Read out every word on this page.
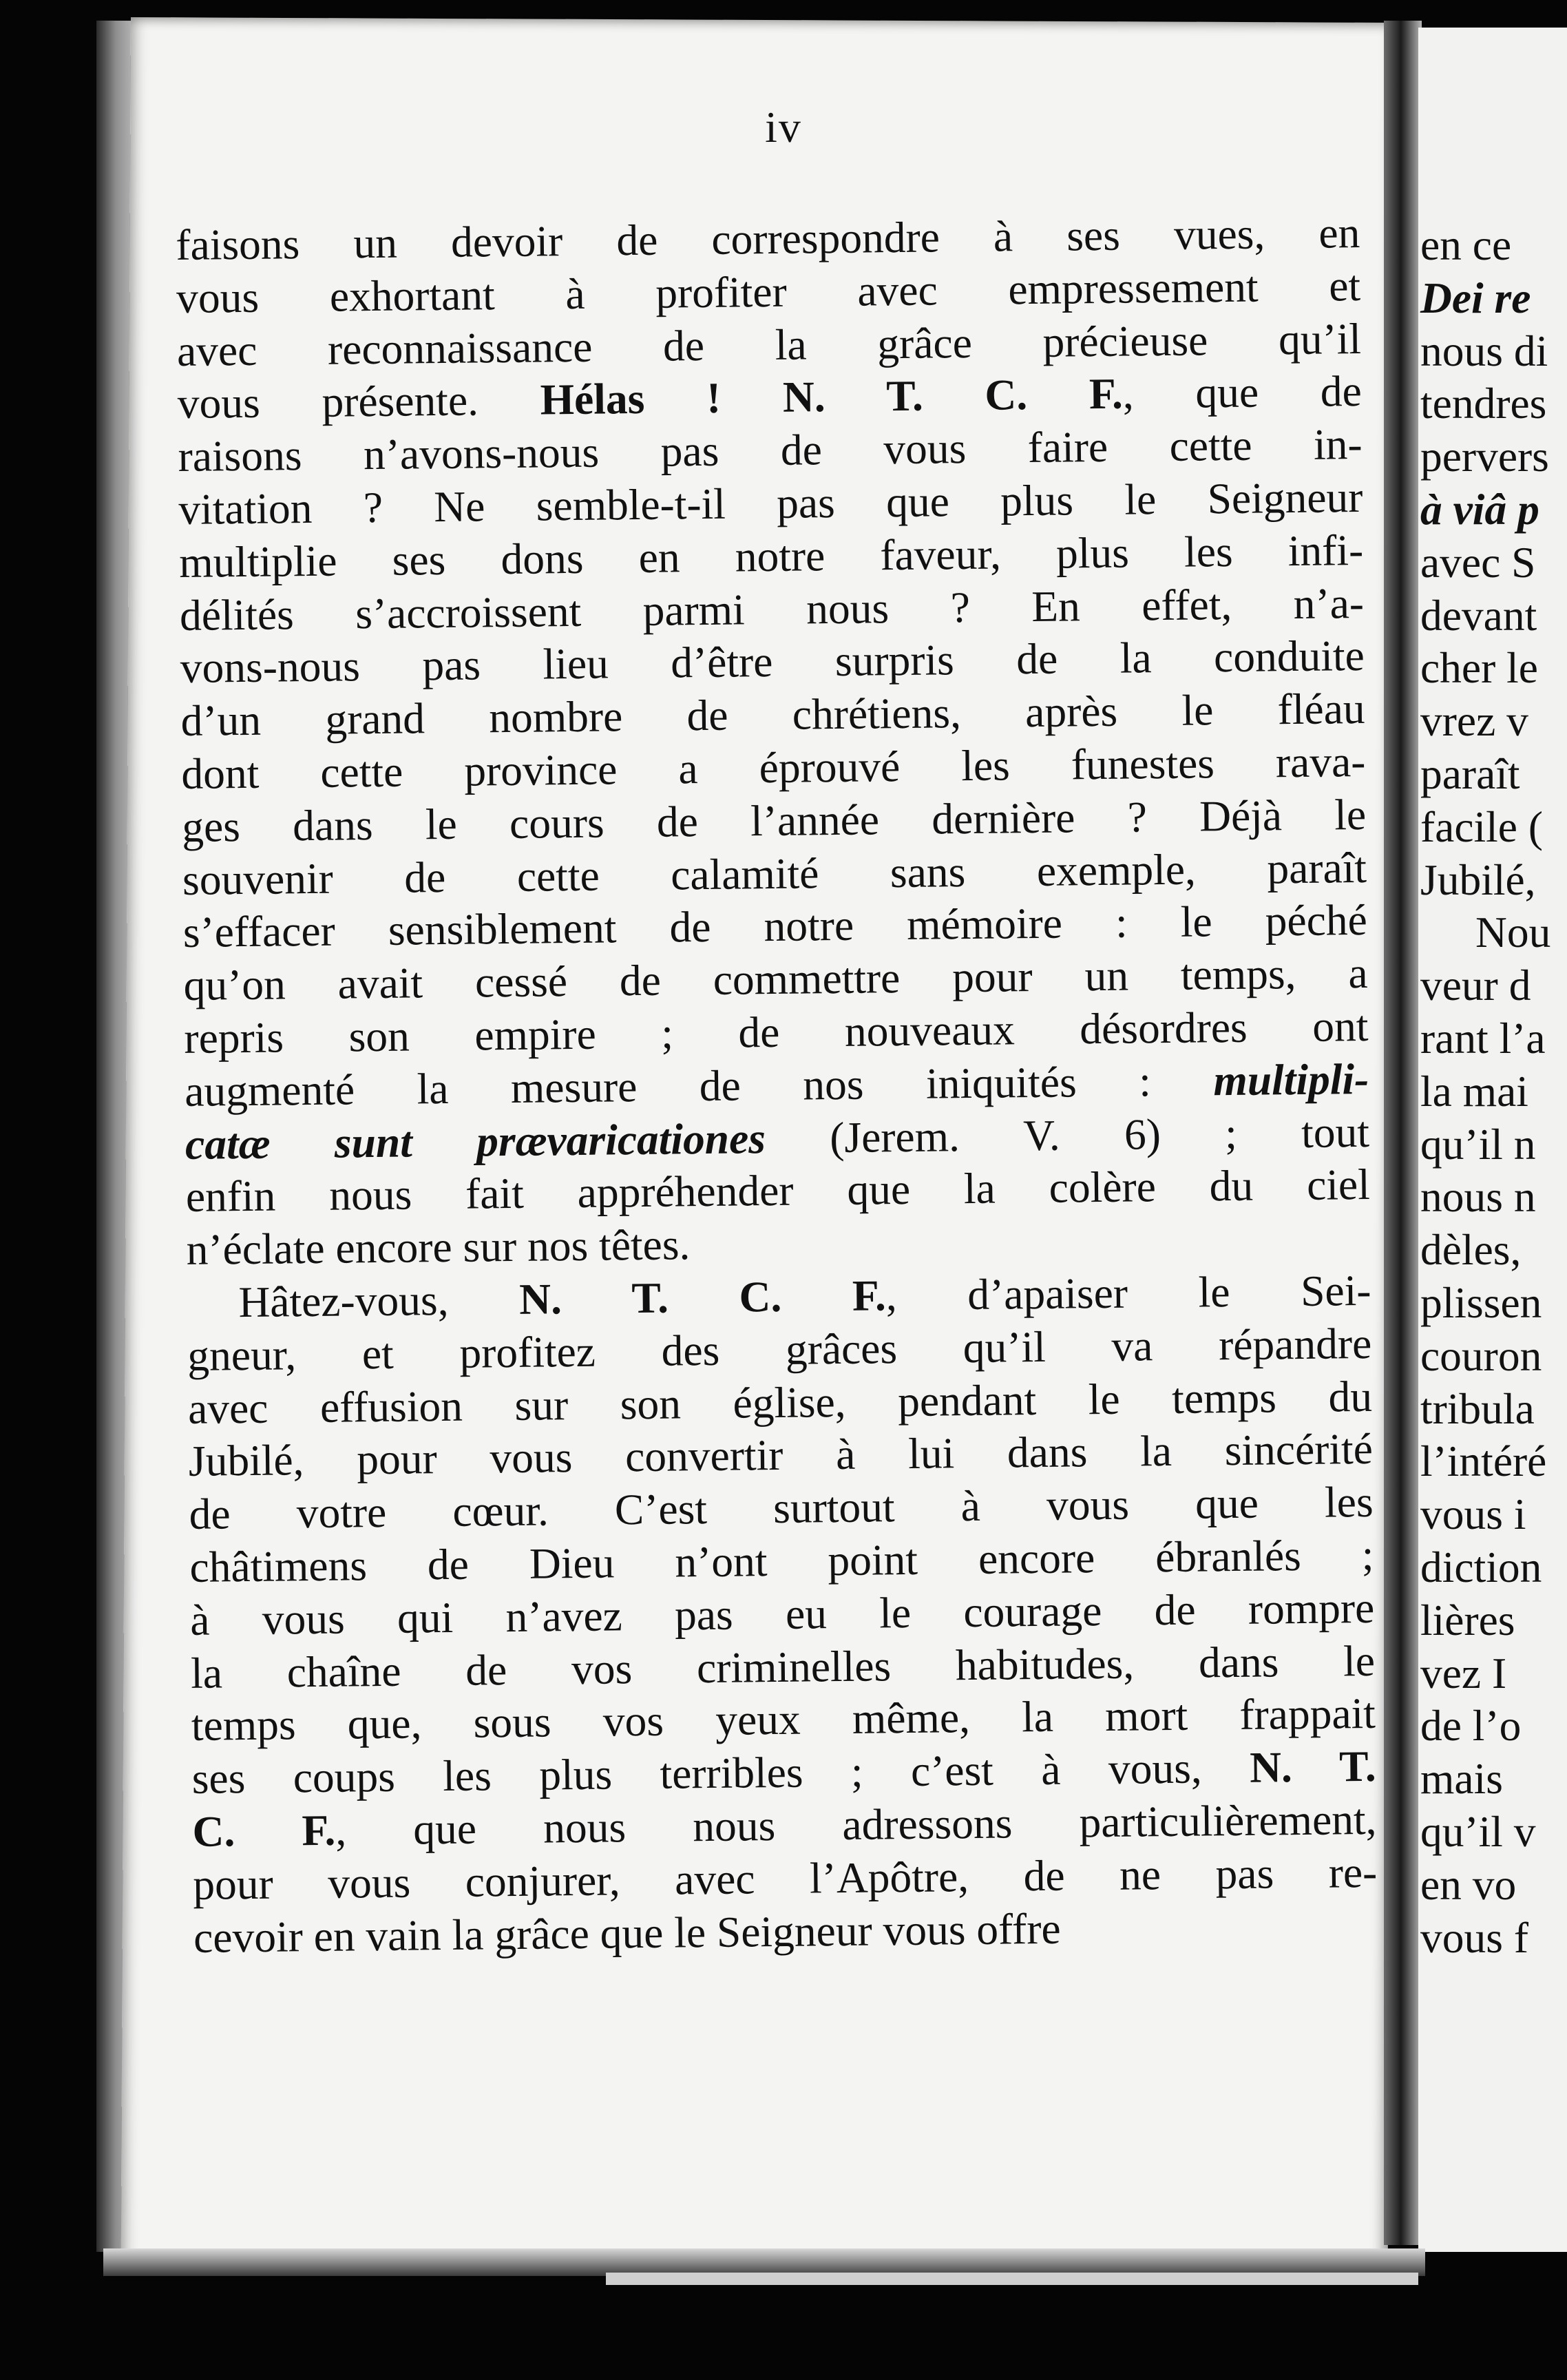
iv
faisons un devoir de correspondre à ses vues, en
vous exhortant à profiter avec empressement et
avec reconnaissance de la grâce précieuse qu’il
vous présente. Hélas ! N. T. C. F., que de
raisons n’avons-nous pas de vous faire cette in-
vitation ? Ne semble-t-il pas que plus le Seigneur
multiplie ses dons en notre faveur, plus les infi-
délités s’accroissent parmi nous ? En effet, n’a-
vons-nous pas lieu d’être surpris de la conduite
d’un grand nombre de chrétiens, après le fléau
dont cette province a éprouvé les funestes rava-
ges dans le cours de l’année dernière ? Déjà le
souvenir de cette calamité sans exemple, paraît
s’effacer sensiblement de notre mémoire : le péché
qu’on avait cessé de commettre pour un temps, a
repris son empire ; de nouveaux désordres ont
augmenté la mesure de nos iniquités : multipli-
catæ sunt prævaricationes (Jerem. V. 6) ; tout
enfin nous fait appréhender que la colère du ciel
n’éclate encore sur nos têtes.
Hâtez-vous, N. T. C. F., d’apaiser le Sei-
gneur, et profitez des grâces qu’il va répandre
avec effusion sur son église, pendant le temps du
Jubilé, pour vous convertir à lui dans la sincérité
de votre cœur. C’est surtout à vous que les
châtimens de Dieu n’ont point encore ébranlés ;
à vous qui n’avez pas eu le courage de rompre
la chaîne de vos criminelles habitudes, dans le
temps que, sous vos yeux même, la mort frappait
ses coups les plus terribles ; c’est à vous, N. T.
C. F., que nous nous adressons particulièrement,
pour vous conjurer, avec l’Apôtre, de ne pas re-
cevoir en vain la grâce que le Seigneur vous offre
en ce
Dei re
nous di
tendres
pervers
à viâ p
avec S
devant
cher le
vrez v
paraît
facile (
Jubilé,
Nou
veur d
rant l’a
la mai
qu’il n
nous n
dèles,
plissen
couron
tribula
l’intéré
vous i
diction
lières
vez I
de l’o
mais
qu’il v
en vo
vous f
